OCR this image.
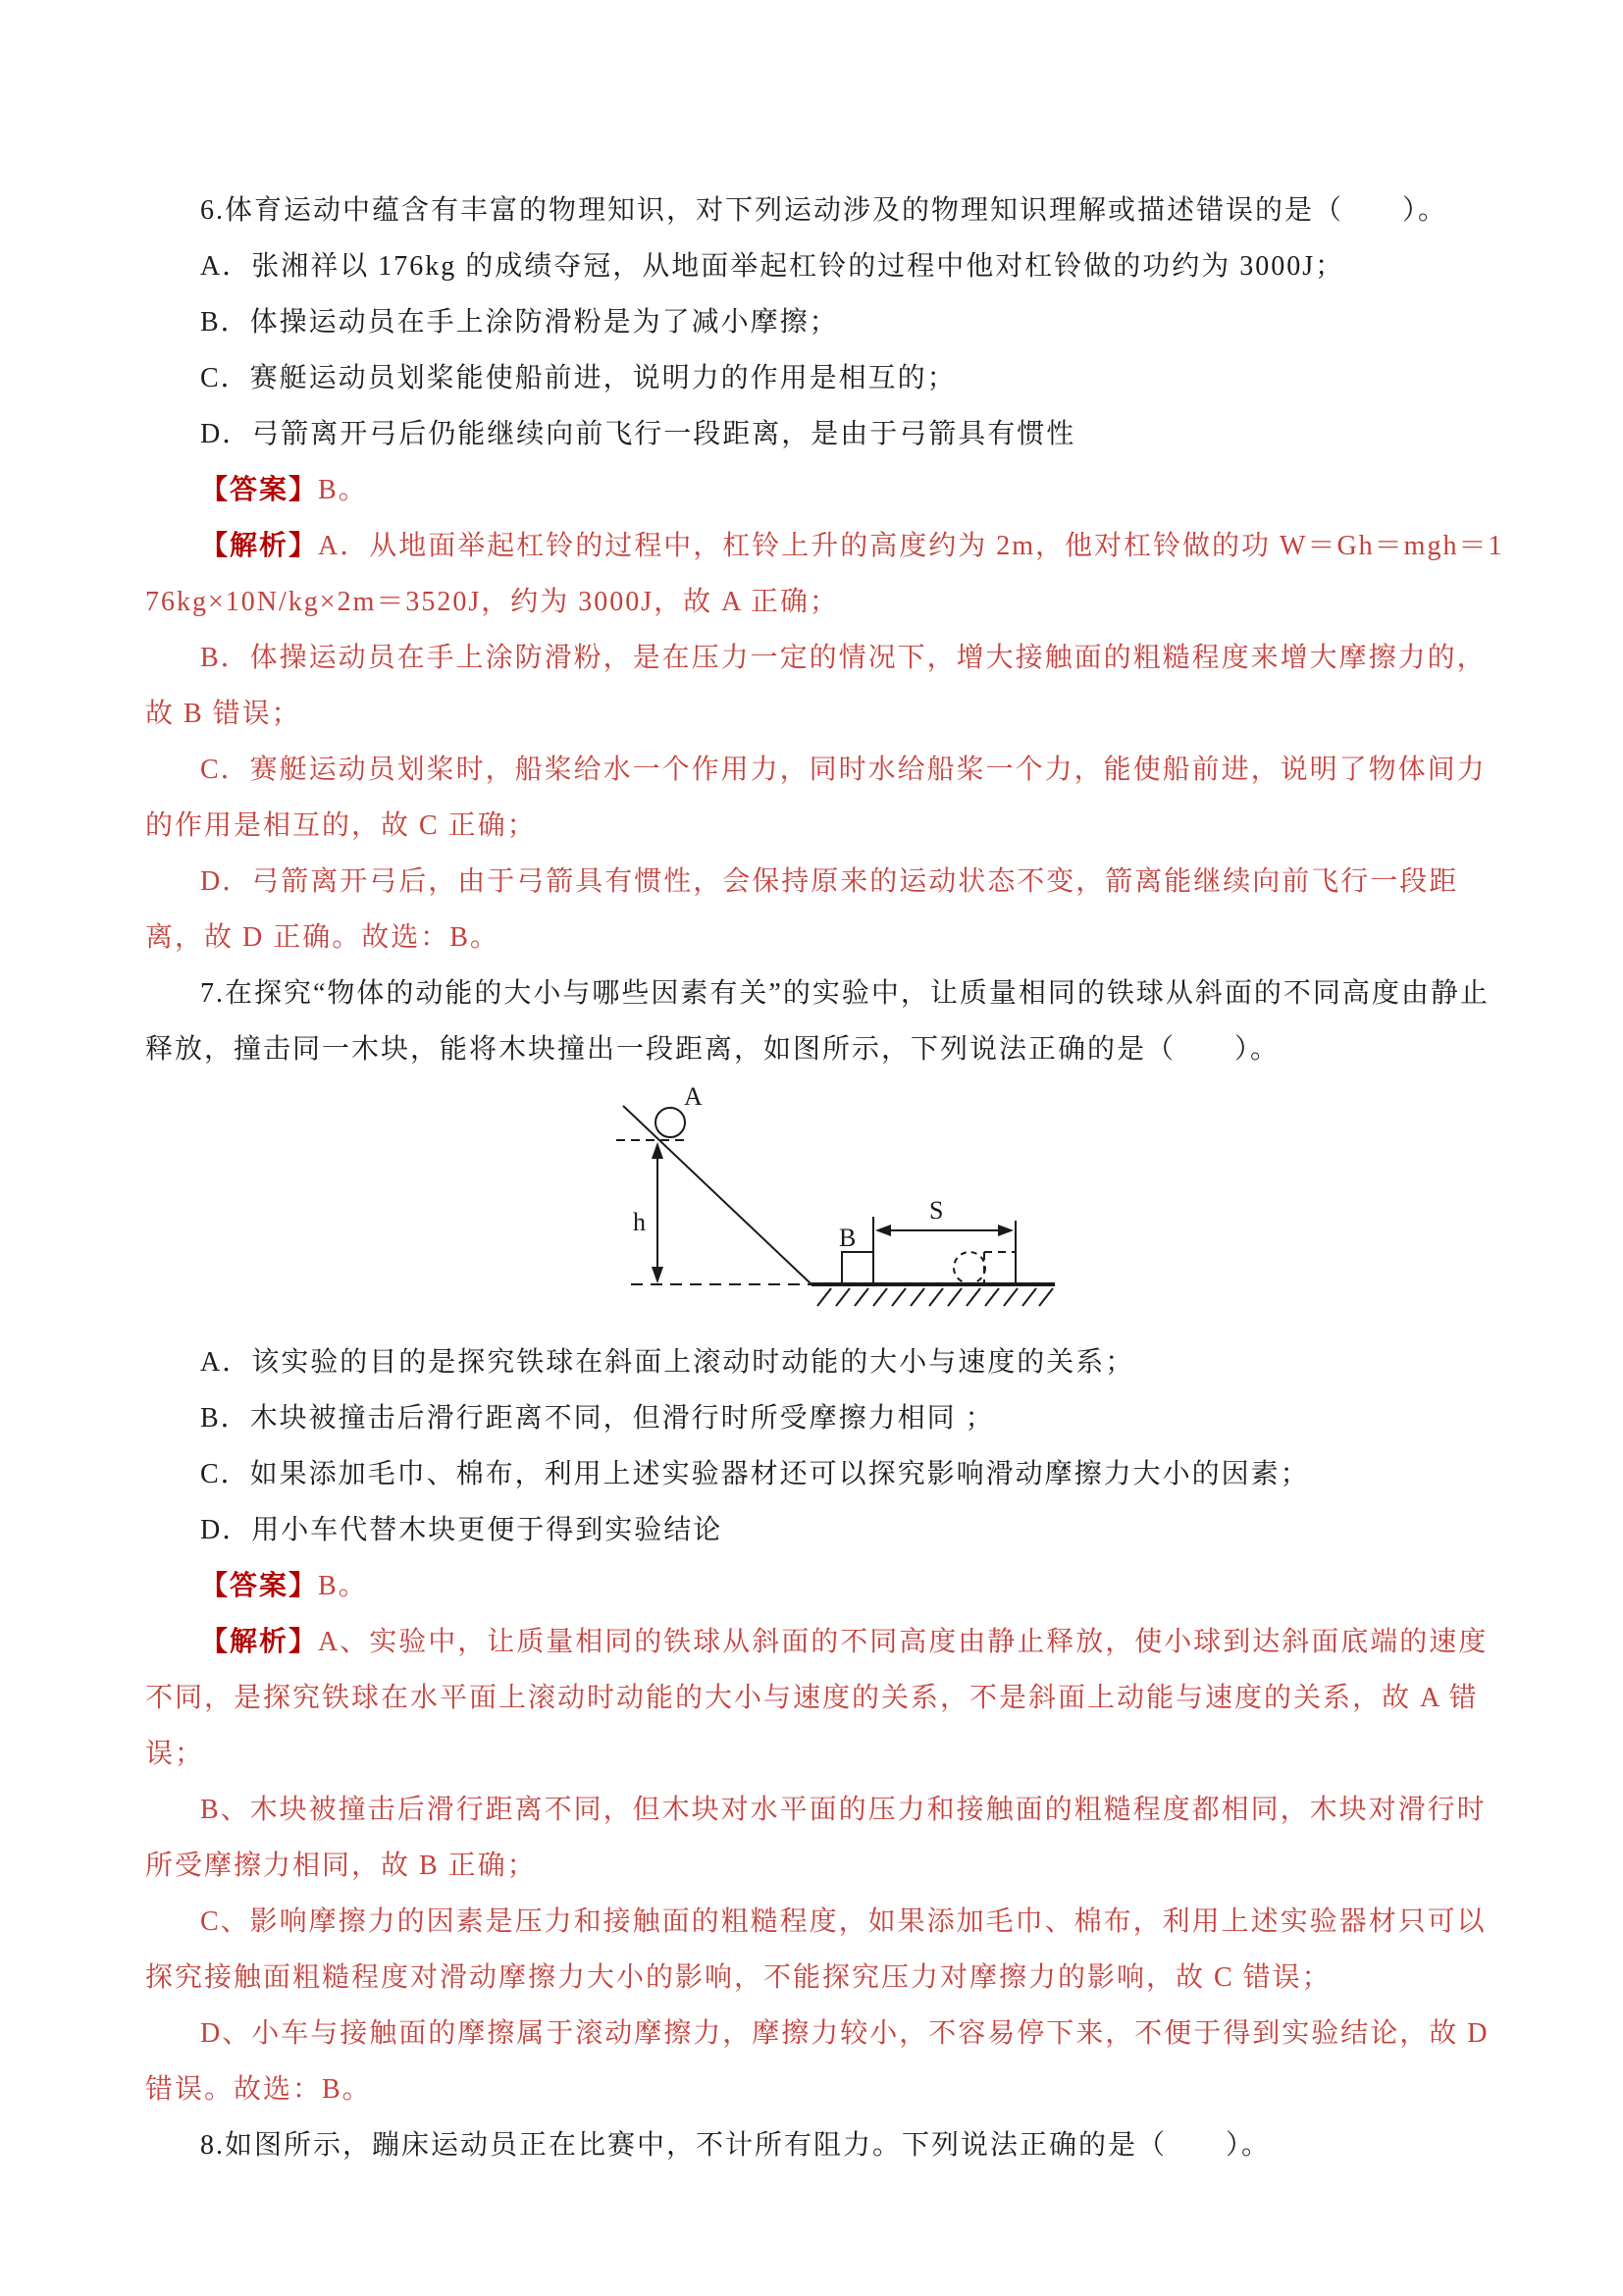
6.体育运动中蕴含有丰富的物理知识，对下列运动涉及的物理知识理解或描述错误的是（　　）。

A．张湘祥以 176kg 的成绩夺冠，从地面举起杠铃的过程中他对杠铃做的功约为 3000J；

B．体操运动员在手上涂防滑粉是为了减小摩擦；

C．赛艇运动员划桨能使船前进，说明力的作用是相互的；

D．弓箭离开弓后仍能继续向前飞行一段距离，是由于弓箭具有惯性

【答案】B。

【解析】A．从地面举起杠铃的过程中，杠铃上升的高度约为 2m，他对杠铃做的功 W＝Gh＝mgh＝176kg×10N/kg×2m＝3520J，约为 3000J，故 A 正确；

B．体操运动员在手上涂防滑粉，是在压力一定的情况下，增大接触面的粗糙程度来增大摩擦力的，故 B 错误；

C．赛艇运动员划桨时，船桨给水一个作用力，同时水给船桨一个力，能使船前进，说明了物体间力的作用是相互的，故 C 正确；

D．弓箭离开弓后，由于弓箭具有惯性，会保持原来的运动状态不变，箭离能继续向前飞行一段距离，故 D 正确。故选：B。

7.在探究“物体的动能的大小与哪些因素有关”的实验中，让质量相同的铁球从斜面的不同高度由静止释放，撞击同一木块，能将木块撞出一段距离，如图所示，下列说法正确的是（　　）。

A
h
B
S

A．该实验的目的是探究铁球在斜面上滚动时动能的大小与速度的关系；

B．木块被撞击后滑行距离不同，但滑行时所受摩擦力相同 ；

C．如果添加毛巾、棉布，利用上述实验器材还可以探究影响滑动摩擦力大小的因素；

D．用小车代替木块更便于得到实验结论

【答案】B。

【解析】A、实验中，让质量相同的铁球从斜面的不同高度由静止释放，使小球到达斜面底端的速度不同，是探究铁球在水平面上滚动时动能的大小与速度的关系，不是斜面上动能与速度的关系，故 A 错误；

B、木块被撞击后滑行距离不同，但木块对水平面的压力和接触面的粗糙程度都相同，木块对滑行时所受摩擦力相同，故 B 正确；

C、影响摩擦力的因素是压力和接触面的粗糙程度，如果添加毛巾、棉布，利用上述实验器材只可以探究接触面粗糙程度对滑动摩擦力大小的影响，不能探究压力对摩擦力的影响，故 C 错误；

D、小车与接触面的摩擦属于滚动摩擦力，摩擦力较小，不容易停下来，不便于得到实验结论，故 D 错误。故选：B。

8.如图所示，蹦床运动员正在比赛中，不计所有阻力。下列说法正确的是（　　）。
